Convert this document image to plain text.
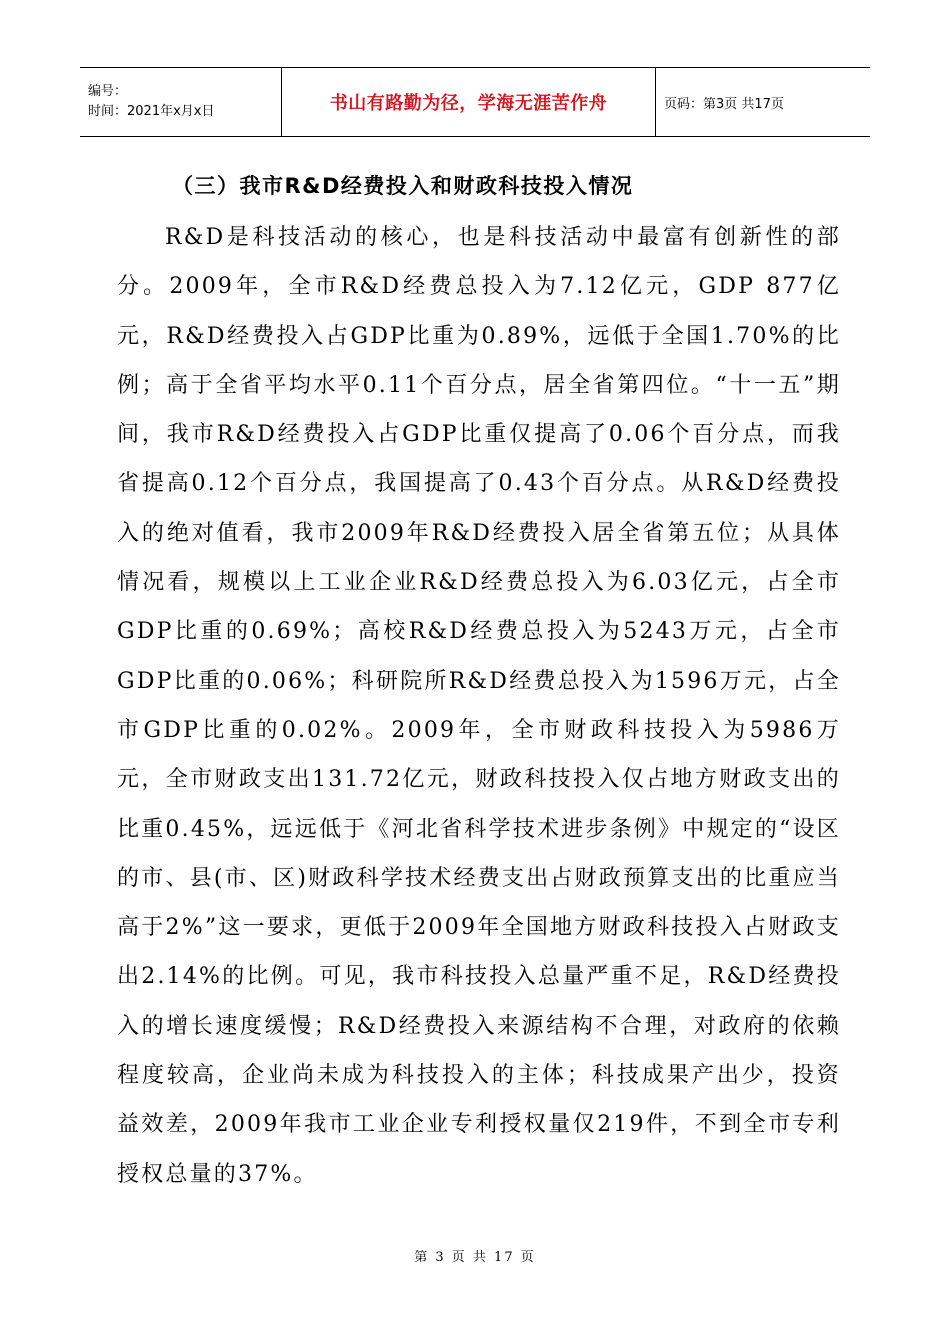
编号：
时间：2021年x月x日	书山有路勤为径，学海无涯苦作舟	页码：第3页 共17页
（三）我市R&D经费投入和财政科技投入情况

R&D是科技活动的核心，也是科技活动中最富有创新性的部分。2009年，全市R&D经费总投入为7.12亿元，GDP 877亿元，R&D经费投入占GDP比重为0.89%，远低于全国1.70%的比例；高于全省平均水平0.11个百分点，居全省第四位。“十一五”期间，我市R&D经费投入占GDP比重仅提高了0.06个百分点，而我省提高0.12个百分点，我国提高了0.43个百分点。从R&D经费投入的绝对值看，我市2009年R&D经费投入居全省第五位；从具体情况看，规模以上工业企业R&D经费总投入为6.03亿元，占全市GDP比重的0.69%；高校R&D经费总投入为5243万元，占全市GDP比重的0.06%；科研院所R&D经费总投入为1596万元，占全市GDP比重的0.02%。2009年，全市财政科技投入为5986万元，全市财政支出131.72亿元，财政科技投入仅占地方财政支出的比重0.45%，远远低于《河北省科学技术进步条例》中规定的“设区的市、县(市、区)财政科学技术经费支出占财政预算支出的比重应当高于2%”这一要求，更低于2009年全国地方财政科技投入占财政支出2.14%的比例。可见，我市科技投入总量严重不足，R&D经费投入的增长速度缓慢；R&D经费投入来源结构不合理，对政府的依赖程度较高，企业尚未成为科技投入的主体；科技成果产出少，投资益效差，2009年我市工业企业专利授权量仅219件，不到全市专利授权总量的37%。

第 3 页 共 17 页
